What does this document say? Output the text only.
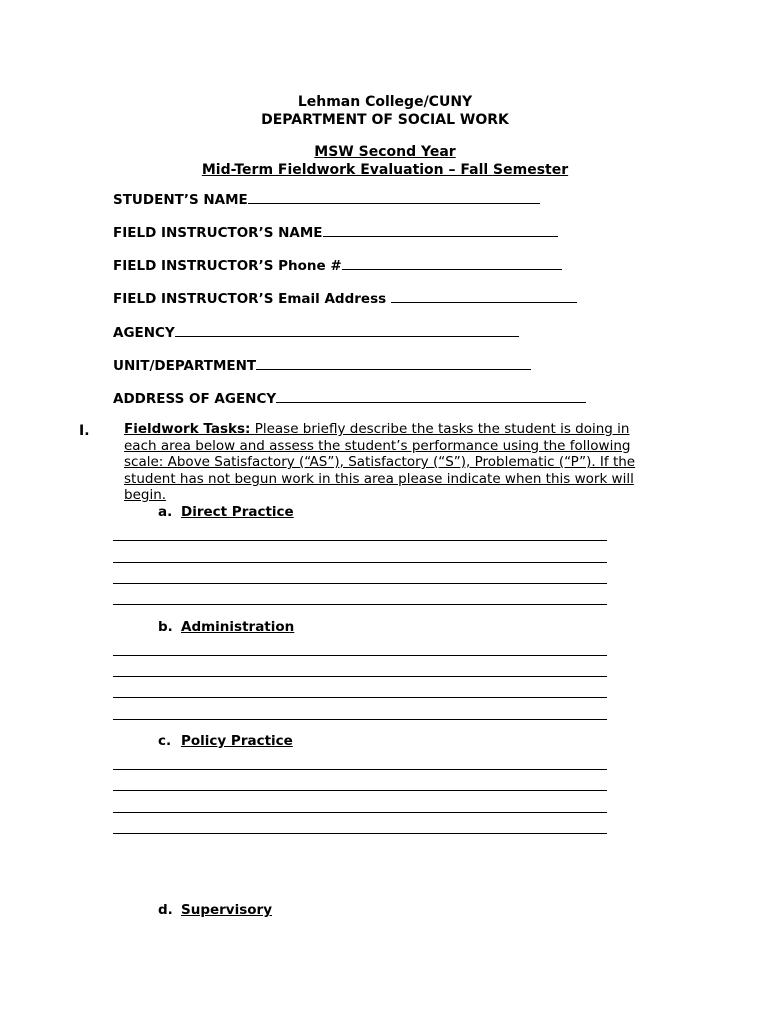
Lehman College/CUNY
DEPARTMENT OF SOCIAL WORK
MSW Second Year
Mid-Term Fieldwork Evaluation – Fall Semester
STUDENT’S NAME
FIELD INSTRUCTOR’S NAME
FIELD INSTRUCTOR’S Phone #
FIELD INSTRUCTOR’S Email Address
AGENCY
UNIT/DEPARTMENT
ADDRESS OF AGENCY
I.	Fieldwork Tasks: Please briefly describe the tasks the student is doing in each area below and assess the student’s performance using the following scale: Above Satisfactory (“AS”), Satisfactory (“S”), Problematic (“P”). If the student has not begun work in this area please indicate when this work will begin.
a. Direct Practice
b. Administration
c. Policy Practice
d. Supervisory
